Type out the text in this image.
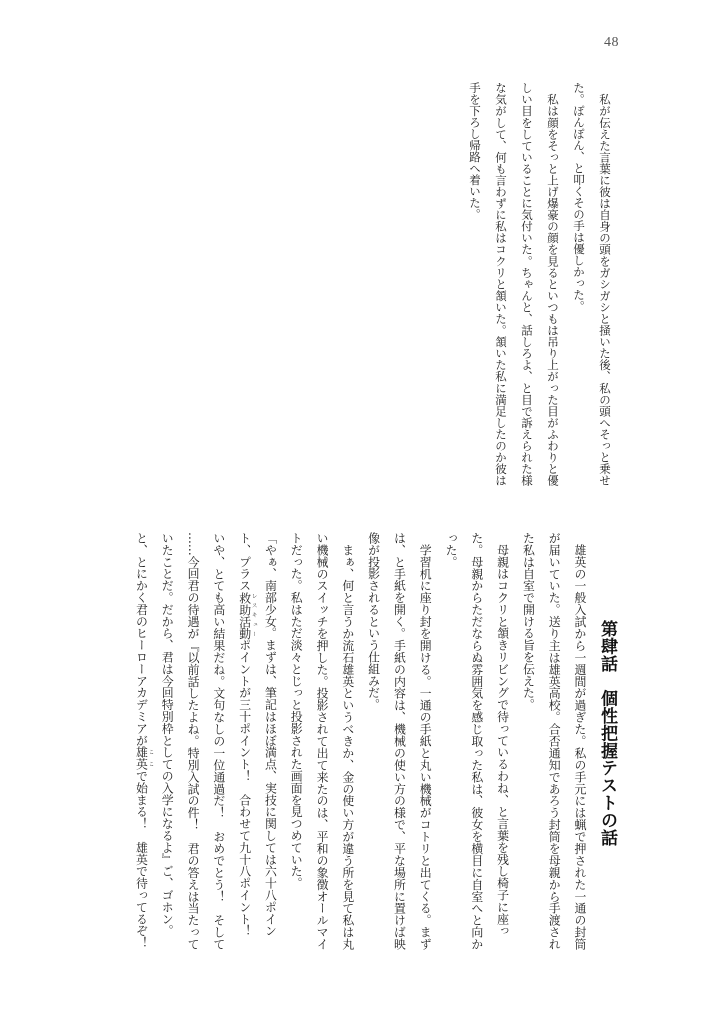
48
　私が伝えた言葉に彼は自身の頭をガシガシと掻いた後、私の頭へそっと乗せ
た。ぽんぽん、と叩くその手は優しかった。
　私は顔をそっと上げ爆豪の顔を見るといつもは吊り上がった目がふわりと優
しい目をしていることに気付いた。ちゃんと、話しろよ、と目で訴えられた様
な気がして、何も言わずに私はコクリと頷いた。頷いた私に満足したのか彼は
手を下ろし帰路へ着いた。
第肆話　個性把握テストの話
　雄英の一般入試から一週間が過ぎた。私の手元には蝋で押された一通の封筒
が届いていた。送り主は雄英高校。合否通知であろう封筒を母親から手渡され
た私は自室で開ける旨を伝えた。
　母親はコクリと頷きリビングで待っているわね、と言葉を残し椅子に座っ
た。母親からただならぬ雰囲気を感じ取った私は、彼女を横目に自室へと向か
った。
　学習机に座り封を開ける。一通の手紙と丸い機械がコトリと出てくる。まず
は、と手紙を開く。手紙の内容は、機械の使い方の様で、平な場所に置けば映
像が投影されるという仕組みだ。
　まぁ、何と言うか流石雄英というべきか、金の使い方が違う所を見て私は丸
い機械のスイッチを押した。投影されて出て来たのは、平和の象徴オールマイ
トだった。私はただ淡々とじっと投影された画面を見つめていた。
「やぁ、南部少女。まずは、筆記はほぼ満点、実技に関しては六十八ポイン
ト、プラス救助活動 レスキューポイントが三十ポイント！　合わせて九十八ポイント！
いや、とても高い結果だね。文句なしの一位通過だ！　おめでとう！　そして
……今回君の待遇が『以前話したよね。特別入試の件！　君の答えは当たって
いたことだ。だから、君は今回特別枠としての入学になるよ』ご、ゴホン。
と、とにかく君のヒーローアカデミアが雄英 ここで始まる！　雄英で待ってるぞ！
